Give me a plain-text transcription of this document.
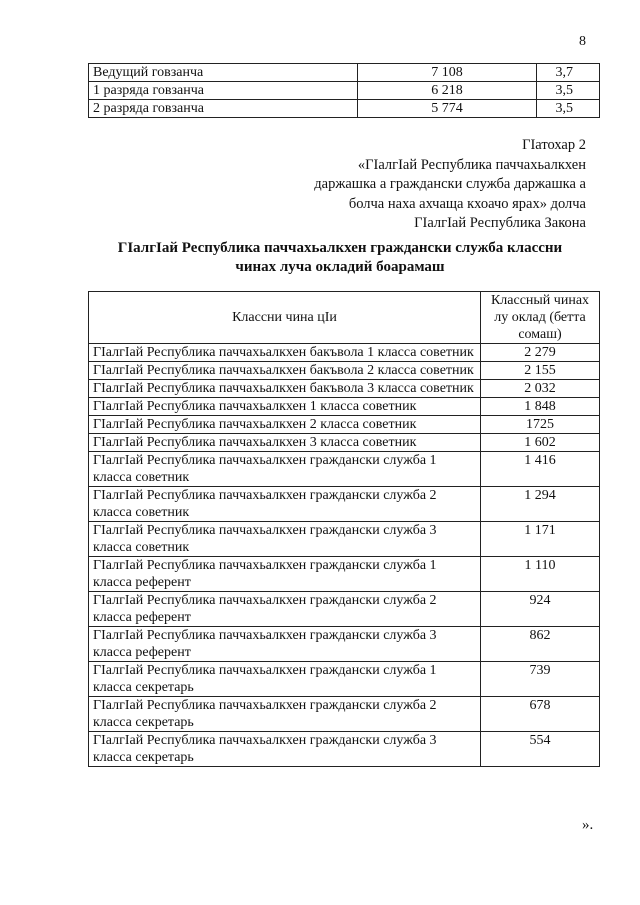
8
Ведущий говзанча	7 108	3,7
1 разряда говзанча	6 218	3,5
2 разряда говзанча	5 774	3,5
ГIатохар 2
«ГIалгIай Республика паччахьалкхен
даржашка а граждански служба даржашка а
болча наха ахчаща кхоачо ярах» долча
ГIалгIай Республика Закона
ГIалгIай Республика паччахьалкхен граждански служба классни
чинах луча окладий боарамаш
Классни чина цIи	Классный чинах лу оклад (бетта сомаш)
ГIалгIай Республика паччахьалкхен бакъвола 1 класса советник	2 279
ГIалгIай Республика паччахьалкхен бакъвола 2 класса советник	2 155
ГIалгIай Республика паччахьалкхен бакъвола 3 класса советник	2 032
ГIалгIай Республика паччахьалкхен 1 класса советник	1 848
ГIалгIай Республика паччахьалкхен 2 класса советник	1725
ГIалгIай Республика паччахьалкхен 3 класса советник	1 602
ГIалгIай Республика паччахьалкхен граждански служба 1 класса советник	1 416
ГIалгIай Республика паччахьалкхен граждански служба 2 класса советник	1 294
ГIалгIай Республика паччахьалкхен граждански служба 3 класса советник	1 171
ГIалгIай Республика паччахьалкхен граждански служба 1 класса референт	1 110
ГIалгIай Республика паччахьалкхен граждански служба 2 класса референт	924
ГIалгIай Республика паччахьалкхен граждански служба 3 класса референт	862
ГIалгIай Республика паччахьалкхен граждански служба 1 класса секретарь	739
ГIалгIай Республика паччахьалкхен граждански служба 2 класса секретарь	678
ГIалгIай Республика паччахьалкхен граждански служба 3 класса секретарь	554
».
